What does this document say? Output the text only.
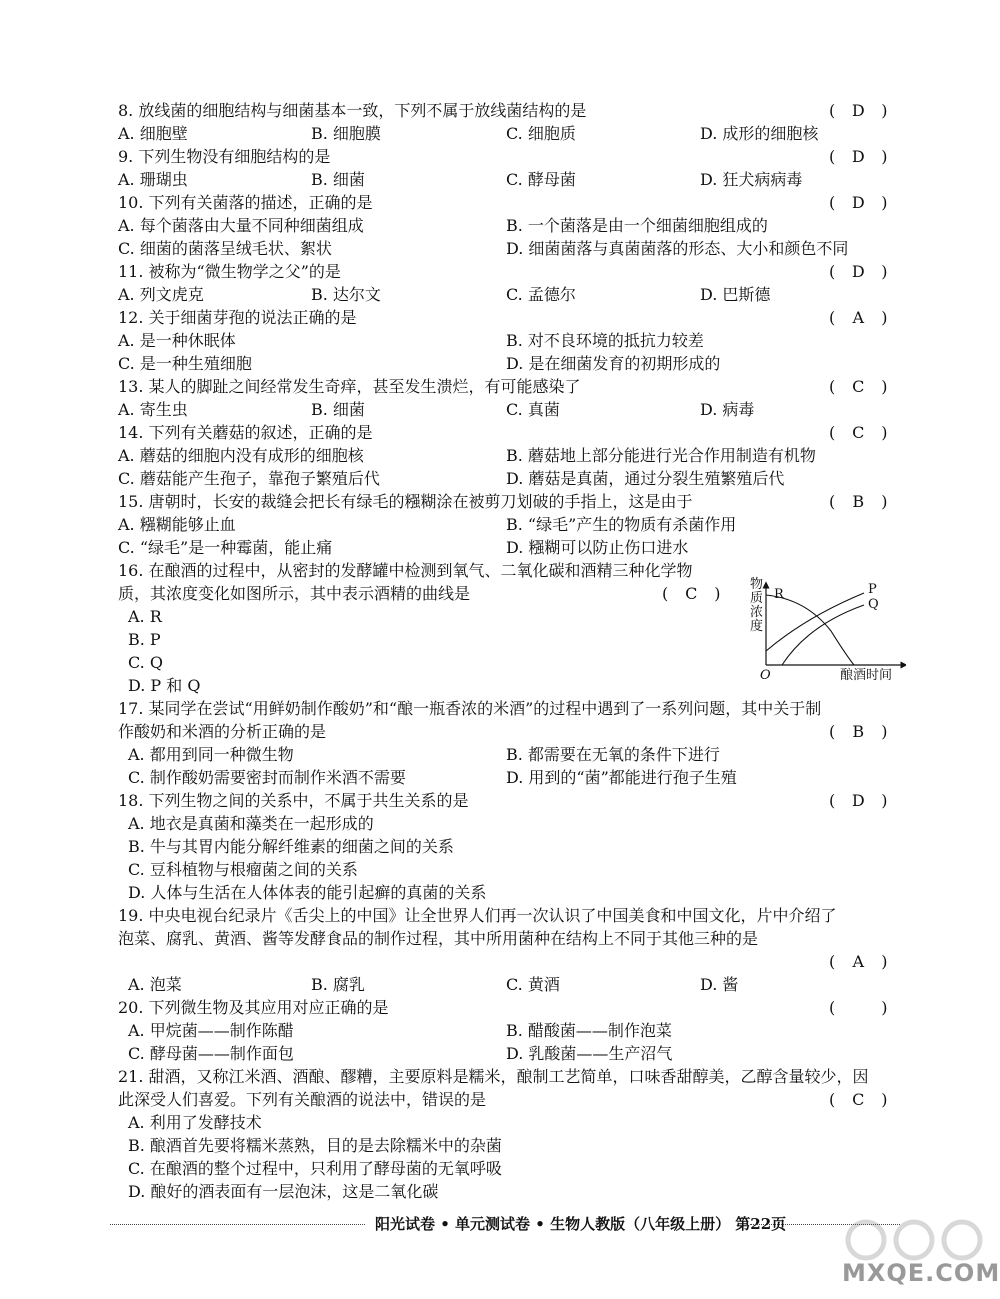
8. 放线菌的细胞结构与细菌基本一致，下列不属于放线菌结构的是	( D )
A. 细胞壁	B. 细胞膜	C. 细胞质	D. 成形的细胞核
9. 下列生物没有细胞结构的是	( D )
A. 珊瑚虫	B. 细菌	C. 酵母菌	D. 狂犬病病毒
10. 下列有关菌落的描述，正确的是	( D )
A. 每个菌落由大量不同种细菌组成	B. 一个菌落是由一个细菌细胞组成的
C. 细菌的菌落呈绒毛状、絮状	D. 细菌菌落与真菌菌落的形态、大小和颜色不同
11. 被称为“微生物学之父”的是	( D )
A. 列文虎克	B. 达尔文	C. 孟德尔	D. 巴斯德
12. 关于细菌芽孢的说法正确的是	( A )
A. 是一种休眠体	B. 对不良环境的抵抗力较差
C. 是一种生殖细胞	D. 是在细菌发育的初期形成的
13. 某人的脚趾之间经常发生奇痒，甚至发生溃烂，有可能感染了	( C )
A. 寄生虫	B. 细菌	C. 真菌	D. 病毒
14. 下列有关蘑菇的叙述，正确的是	( C )
A. 蘑菇的细胞内没有成形的细胞核	B. 蘑菇地上部分能进行光合作用制造有机物
C. 蘑菇能产生孢子，靠孢子繁殖后代	D. 蘑菇是真菌，通过分裂生殖繁殖后代
15. 唐朝时，长安的裁缝会把长有绿毛的糨糊涂在被剪刀划破的手指上，这是由于	( B )
A. 糨糊能够止血	B. “绿毛”产生的物质有杀菌作用
C. “绿毛”是一种霉菌，能止痛	D. 糨糊可以防止伤口进水
16. 在酿酒的过程中，从密封的发酵罐中检测到氧气、二氧化碳和酒精三种化学物
质，其浓度变化如图所示，其中表示酒精的曲线是	( C )
A. R
B. P
C. Q
D. P 和 Q
物
质
浓
度
R	P
Q
O	酿酒时间
17. 某同学在尝试“用鲜奶制作酸奶”和“酿一瓶香浓的米酒”的过程中遇到了一系列问题，其中关于制
作酸奶和米酒的分析正确的是	( B )
A. 都用到同一种微生物	B. 都需要在无氧的条件下进行
C. 制作酸奶需要密封而制作米酒不需要	D. 用到的“菌”都能进行孢子生殖
18. 下列生物之间的关系中，不属于共生关系的是	( D )
A. 地衣是真菌和藻类在一起形成的
B. 牛与其胃内能分解纤维素的细菌之间的关系
C. 豆科植物与根瘤菌之间的关系
D. 人体与生活在人体体表的能引起癣的真菌的关系
19. 中央电视台纪录片《舌尖上的中国》让全世界人们再一次认识了中国美食和中国文化，片中介绍了
泡菜、腐乳、黄酒、酱等发酵食品的制作过程，其中所用菌种在结构上不同于其他三种的是
( A )
A. 泡菜	B. 腐乳	C. 黄酒	D. 酱
20. 下列微生物及其应用对应正确的是	(	)
A. 甲烷菌——制作陈醋	B. 醋酸菌——制作泡菜
C. 酵母菌——制作面包	D. 乳酸菌——生产沼气
21. 甜酒，又称江米酒、酒酿、醪糟，主要原料是糯米，酿制工艺简单，口味香甜醇美，乙醇含量较少，因
此深受人们喜爱。下列有关酿酒的说法中，错误的是	( C )
A. 利用了发酵技术
B. 酿酒首先要将糯米蒸熟，目的是去除糯米中的杂菌
C. 在酿酒的整个过程中，只利用了酵母菌的无氧呼吸
D. 酿好的酒表面有一层泡沫，这是二氧化碳
阳光试卷 • 单元测试卷 • 生物人教版（八年级上册） 第22页
MXQE.COM
